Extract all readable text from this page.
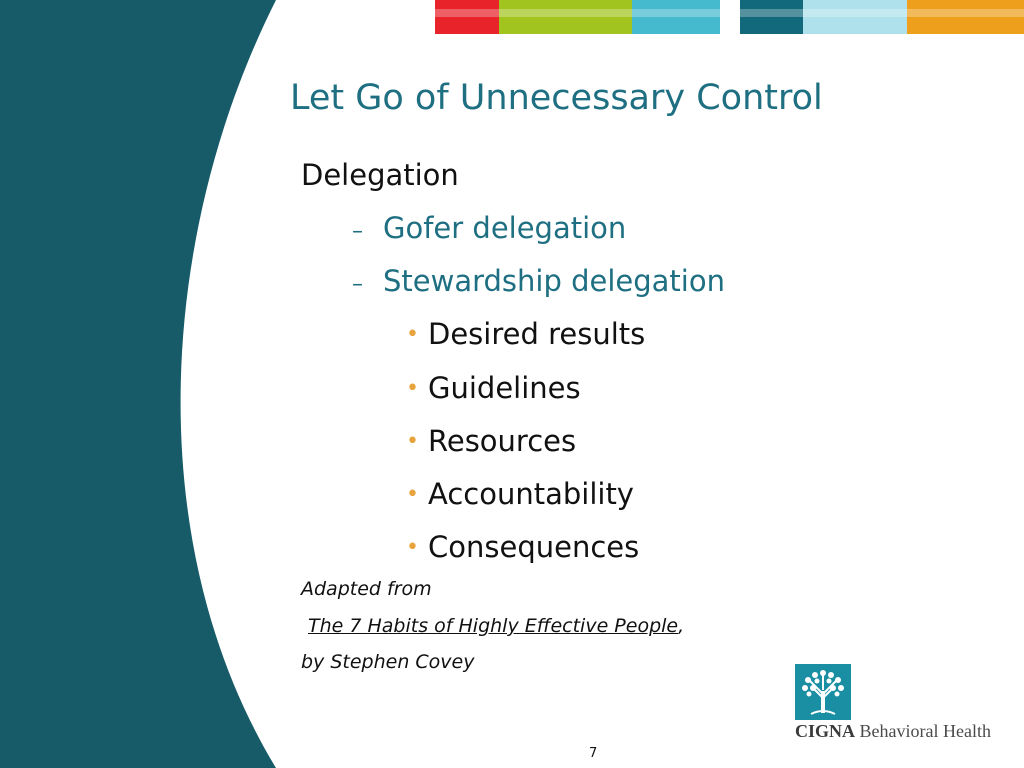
Let Go of Unnecessary Control
Delegation
– Gofer delegation
– Stewardship delegation
• Desired results
• Guidelines
• Resources
• Accountability
• Consequences
Adapted from
The 7 Habits of Highly Effective People,
by Stephen Covey
7
CIGNA Behavioral Health
